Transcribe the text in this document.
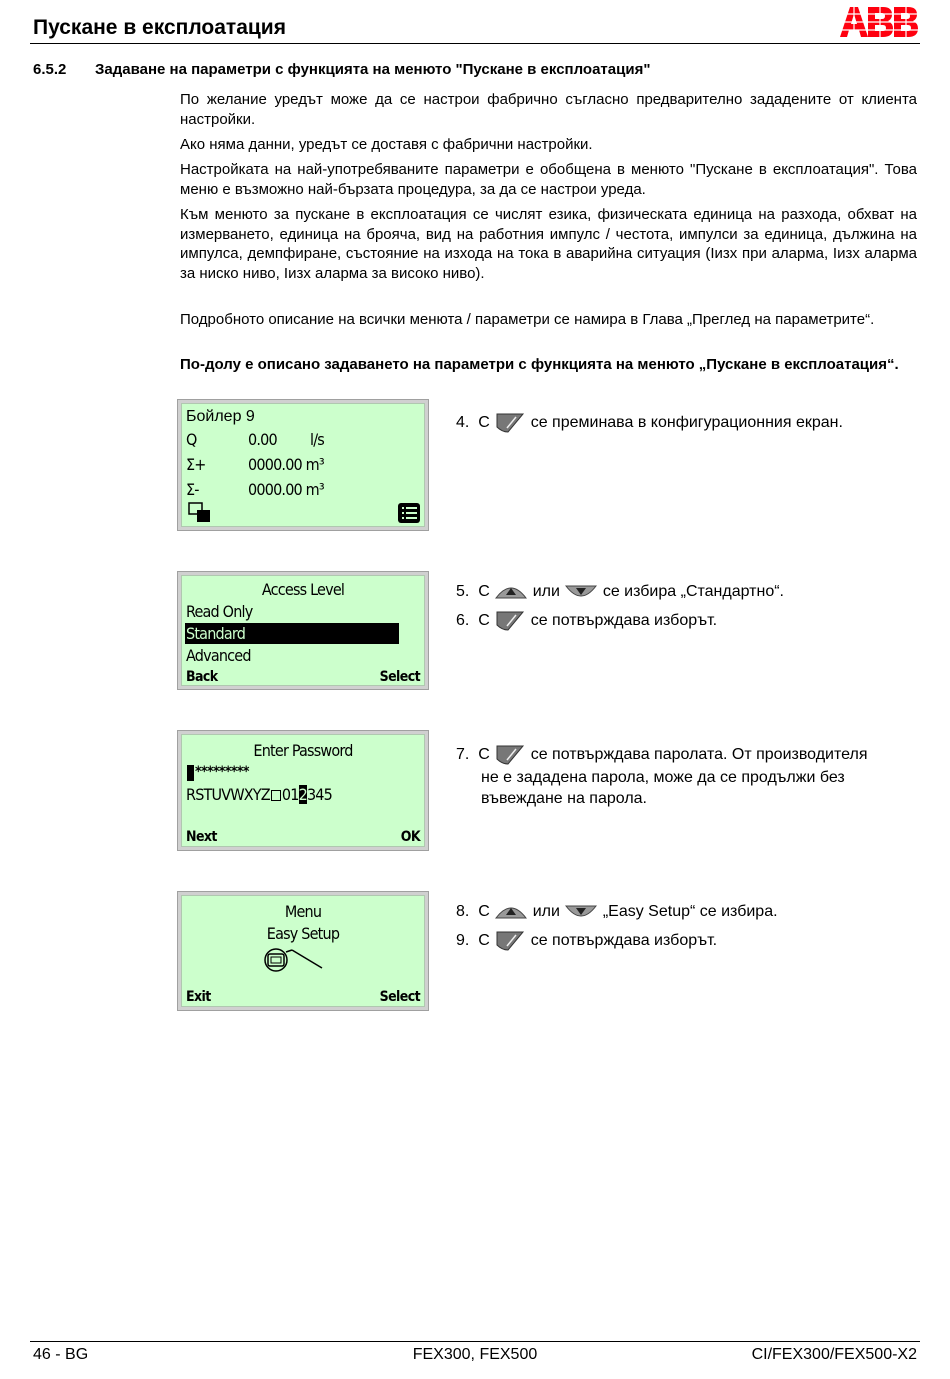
Пускане в експлоатация
6.5.2 Задаване на параметри с функцията на менюто "Пускане в експлоатация"

По желание уредът може да се настрои фабрично съгласно предварително зададените от клиента настройки.

Ако няма данни, уредът се доставя с фабрични настройки.

Настройката на най-употребяваните параметри е обобщена в менюто "Пускане в експлоатация". Това меню е възможно най-бързата процедура, за да се настрои уреда.

Към менюто за пускане в експлоатация се числят езика, физическата единица на разхода, обхват на измерването, единица на брояча, вид на работния импулс / честота, импулси за единица, дължина на импулса, демпфиране, състояние на изхода на тока в аварийна ситуация (Iизх при аларма, Iизх аларма за ниско ниво, Iизх аларма за високо ниво).

Подробното описание на всички менюта / параметри се намира в Глава „Преглед на параметрите“.

По-долу е описано задаването на параметри с функцията на менюто „Пускане в експлоатация“.

Бойлер 9
Q	0.00 l/s
Σ+	0000.00 m³
Σ-	0000.00 m³
Access Level
Read Only
Standard
Advanced
Back	Select
Enter Password
*********
RSTUVWXYZ 012345
Next	OK
Menu
Easy Setup
Exit	Select
4. С	се преминава в конфигурационния екран.
5. С	или	се избира „Стандартно“.
6. С	се потвърждава изборът.
7. С	се потвърждава паролата. От производителя
не е зададена парола, може да се продължи без
въвеждане на парола.
8. С	или	„Easy Setup“ се избира.
9. С	се потвърждава изборът.
46 - BG	FEX300, FEX500	CI/FEX300/FEX500-X2
